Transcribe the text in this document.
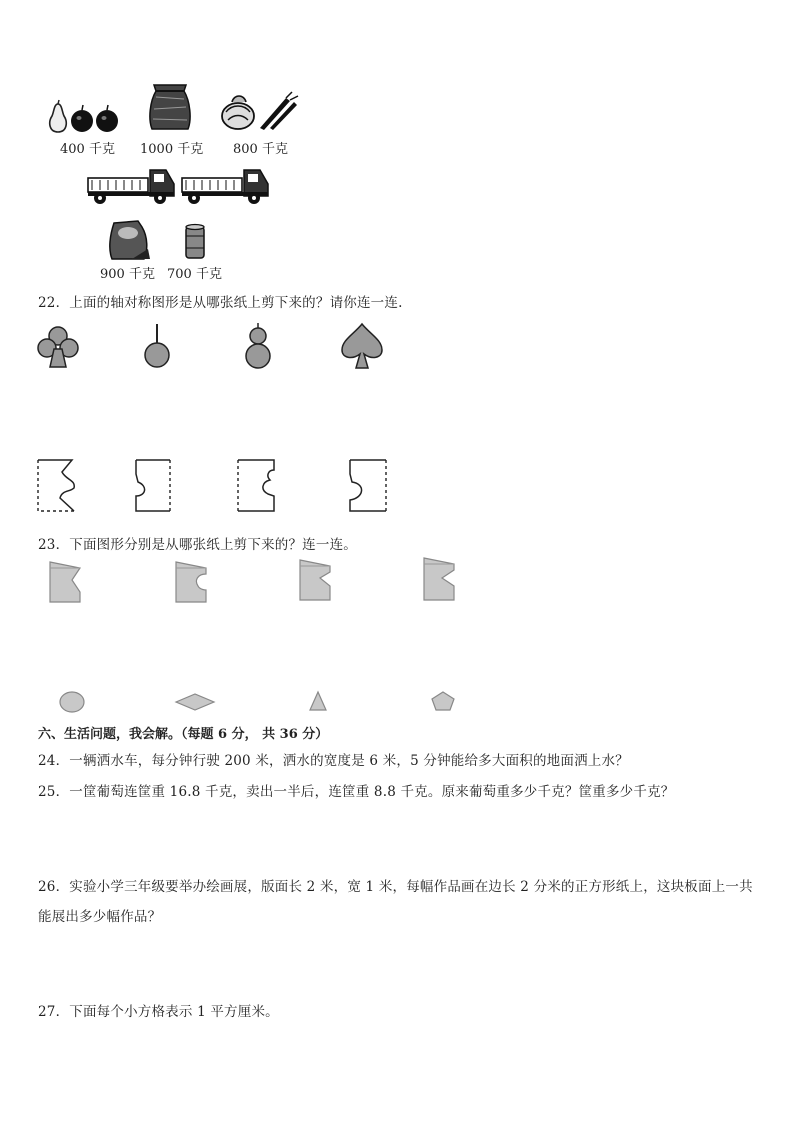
400 千克 1000 千克 800 千克
900 千克 700 千克
22．上面的轴对称图形是从哪张纸上剪下来的？请你连一连.
23．下面图形分别是从哪张纸上剪下来的？连一连。
六、生活问题，我会解。（每题 6 分， 共 36 分）
24．一辆洒水车，每分钟行驶 200 米，洒水的宽度是 6 米，5 分钟能给多大面积的地面洒上水？
25．一筐葡萄连筐重 16.8 千克，卖出一半后，连筐重 8.8 千克。原来葡萄重多少千克？筐重多少千克？
26．实验小学三年级要举办绘画展，版面长 2 米，宽 1 米，每幅作品画在边长 2 分米的正方形纸上，这块板面上一共
能展出多少幅作品？
27．下面每个小方格表示 1 平方厘米。
